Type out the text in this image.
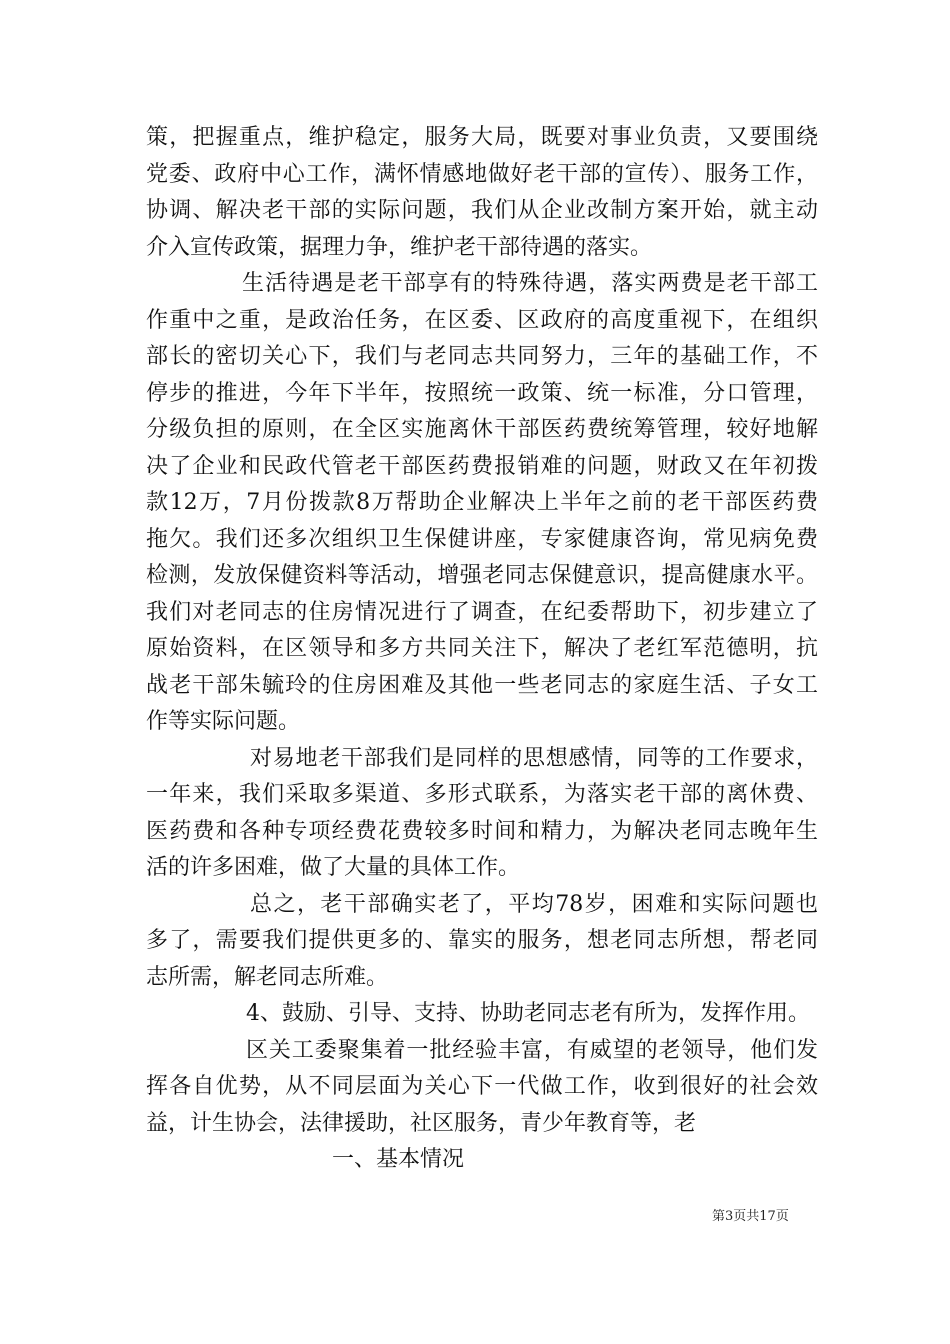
策，把握重点，维护稳定，服务大局，既要对事业负责，又要围绕
党委、政府中心工作，满怀情感地做好老干部的宣传）、服务工作，
协调、解决老干部的实际问题，我们从企业改制方案开始，就主动
介入宣传政策，据理力争，维护老干部待遇的落实。
生活待遇是老干部享有的特殊待遇，落实两费是老干部工
作重中之重，是政治任务，在区委、区政府的高度重视下，在组织
部长的密切关心下，我们与老同志共同努力，三年的基础工作，不
停步的推进，今年下半年，按照统一政策、统一标准，分口管理，
分级负担的原则，在全区实施离休干部医药费统筹管理，较好地解
决了企业和民政代管老干部医药费报销难的问题，财政又在年初拨
款12万，7月份拨款8万帮助企业解决上半年之前的老干部医药费
拖欠。我们还多次组织卫生保健讲座，专家健康咨询，常见病免费
检测，发放保健资料等活动，增强老同志保健意识，提高健康水平。
我们对老同志的住房情况进行了调查，在纪委帮助下，初步建立了
原始资料，在区领导和多方共同关注下，解决了老红军范德明，抗
战老干部朱毓玲的住房困难及其他一些老同志的家庭生活、子女工
作等实际问题。
对易地老干部我们是同样的思想感情，同等的工作要求，
一年来，我们采取多渠道、多形式联系，为落实老干部的离休费、
医药费和各种专项经费花费较多时间和精力，为解决老同志晚年生
活的许多困难，做了大量的具体工作。
总之，老干部确实老了，平均78岁，困难和实际问题也
多了，需要我们提供更多的、靠实的服务，想老同志所想，帮老同
志所需，解老同志所难。
4、鼓励、引导、支持、协助老同志老有所为，发挥作用。
区关工委聚集着一批经验丰富，有威望的老领导，他们发
挥各自优势，从不同层面为关心下一代做工作，收到很好的社会效
益，计生协会，法律援助，社区服务，青少年教育等，老
一、基本情况
第3页共17页
